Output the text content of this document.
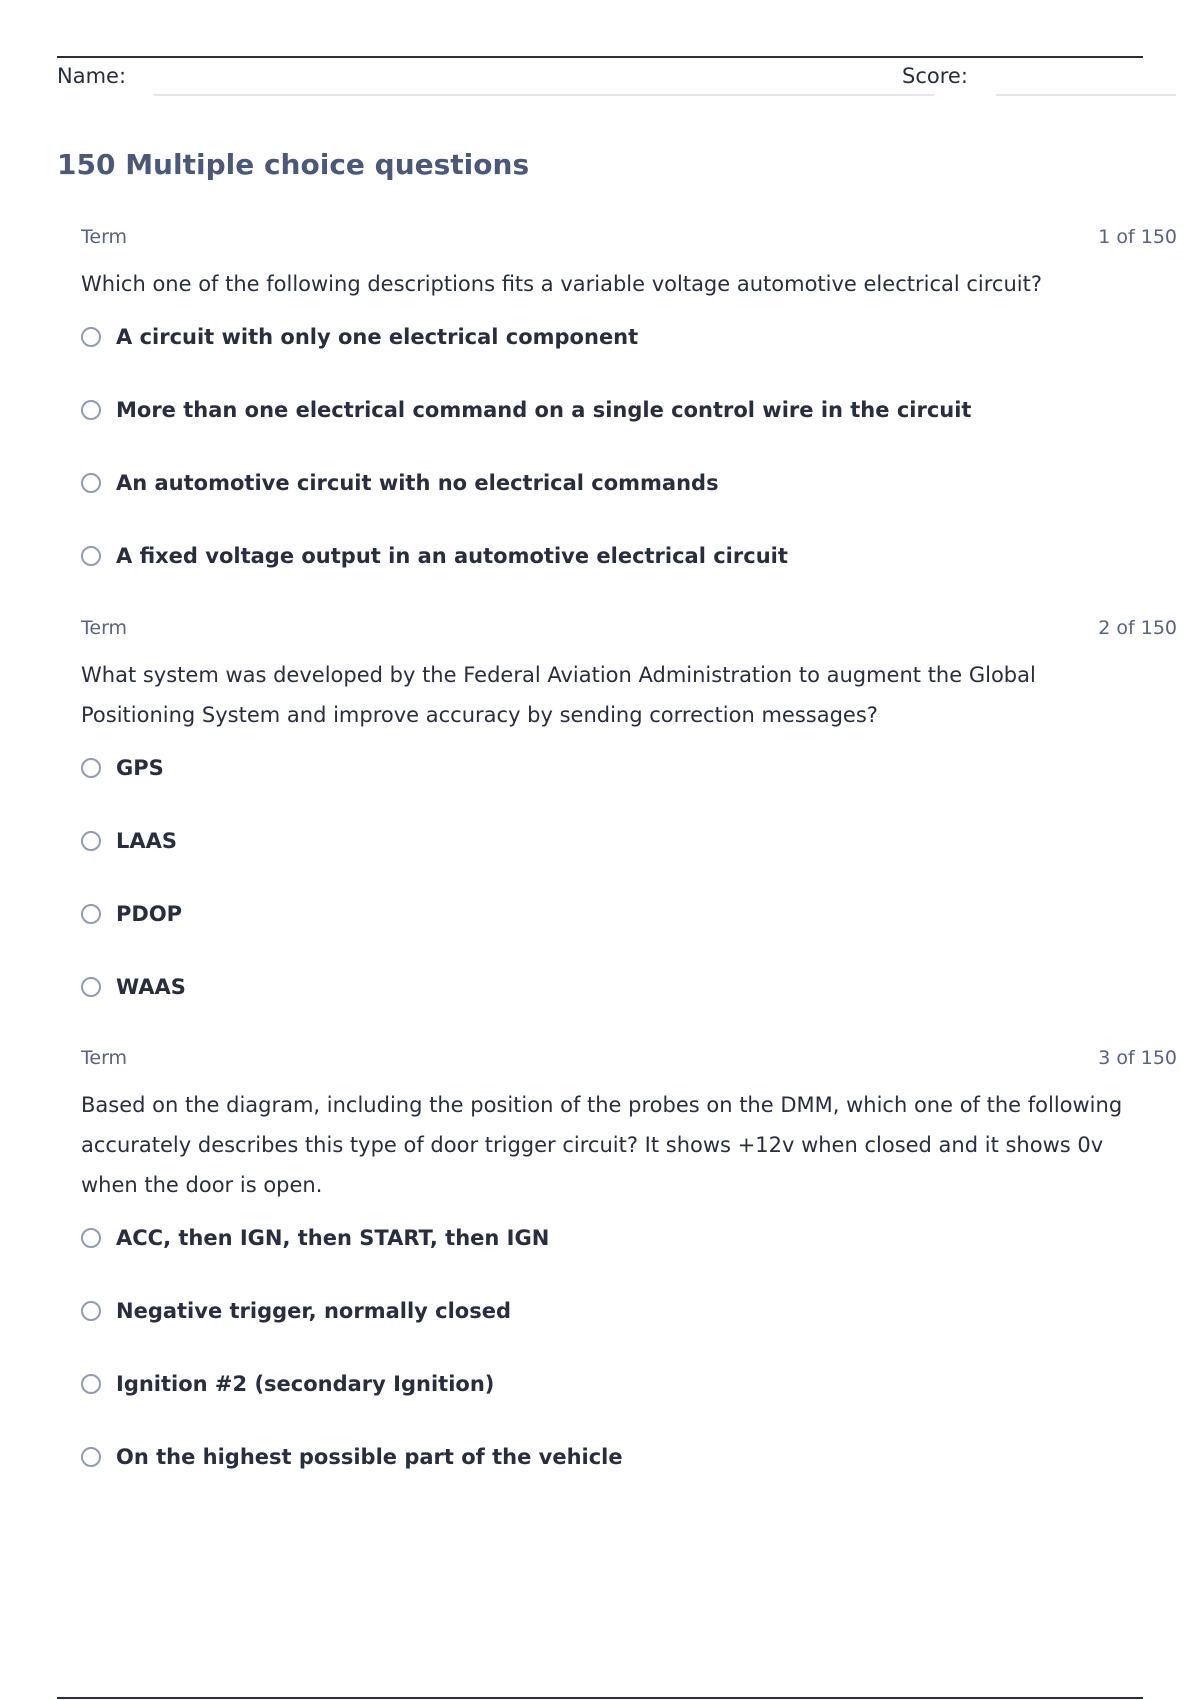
Name:	Score:
150 Multiple choice questions
Term	1 of 150

Which one of the following descriptions fits a variable voltage automotive electrical circuit?

A circuit with only one electrical component
More than one electrical command on a single control wire in the circuit
An automotive circuit with no electrical commands
A fixed voltage output in an automotive electrical circuit
Term	2 of 150

What system was developed by the Federal Aviation Administration to augment the Global Positioning System and improve accuracy by sending correction messages?

GPS
LAAS
PDOP
WAAS
Term	3 of 150

Based on the diagram, including the position of the probes on the DMM, which one of the following accurately describes this type of door trigger circuit? It shows +12v when closed and it shows 0v when the door is open.

ACC, then IGN, then START, then IGN
Negative trigger, normally closed
Ignition #2 (secondary Ignition)
On the highest possible part of the vehicle
